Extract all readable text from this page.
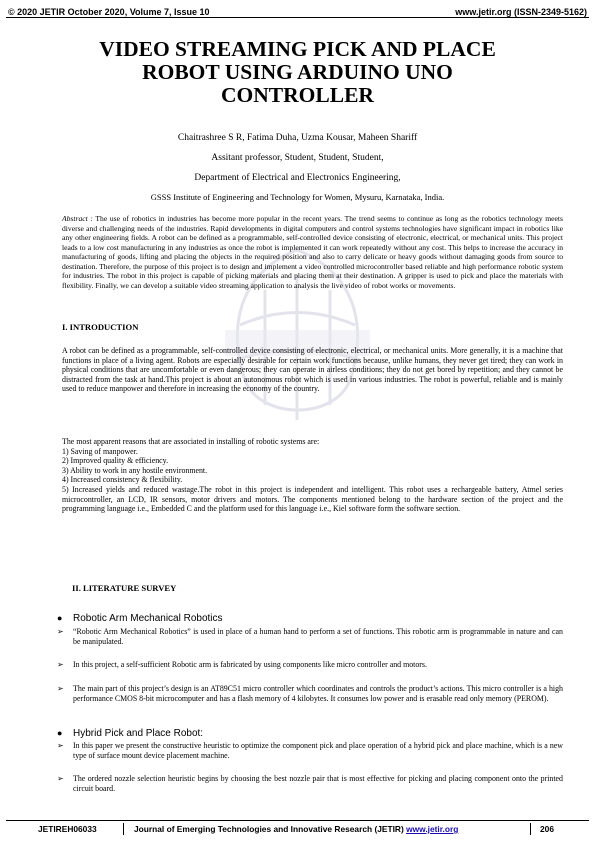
© 2020 JETIR October 2020, Volume 7, Issue 10	www.jetir.org (ISSN-2349-5162)
VIDEO STREAMING PICK AND PLACE
ROBOT USING ARDUINO UNO
CONTROLLER
Chaitrashree S R, Fatima Duha, Uzma Kousar, Maheen Shariff
Assitant professor, Student, Student, Student,
Department of Electrical and Electronics Engineering,
GSSS Institute of Engineering and Technology for Women, Mysuru, Karnataka, India.
Abstract : The use of robotics in industries has become more popular in the recent years. The trend seems to continue as long as the robotics technology meets diverse and challenging needs of the industries. Rapid developments in digital computers and control systems technologies have significant impact in robotics like any other engineering fields. A robot can be defined as a programmable, self-controlled device consisting of electronic, electrical, or mechanical units. This project leads to a low cost manufacturing in any industries as once the robot is implemented it can work repeatedly without any cost. This helps to increase the accuracy in manufacturing of goods, lifting and placing the objects in the required position and also to carry delicate or heavy goods without damaging goods from source to destination. Therefore, the purpose of this project is to design and implement a video controlled microcontroller based reliable and high performance robotic system for industries. The robot in this project is capable of picking materials and placing them at their destination. A gripper is used to pick and place the materials with flexibility. Finally, we can develop a suitable video streaming application to analysis the live video of robot works or movements.
I. INTRODUCTION
A robot can be defined as a programmable, self-controlled device consisting of electronic, electrical, or mechanical units. More generally, it is a machine that functions in place of a living agent. Robots are especially desirable for certain work functions because, unlike humans, they never get tired; they can work in physical conditions that are uncomfortable or even dangerous; they can operate in airless conditions; they do not get bored by repetition; and they cannot be distracted from the task at hand.This project is about an autonomous robot which is used in various industries. The robot is powerful, reliable and is mainly used to reduce manpower and therefore in increasing the economy of the country.
The most apparent reasons that are associated in installing of robotic systems are:
1) Saving of manpower.
2) Improved quality & efficiency.
3) Ability to work in any hostile environment.
4) Increased consistency & flexibility.
5) Increased yields and reduced wastage.The robot in this project is independent and intelligent. This robot uses a rechargeable battery, Atmel series microcontroller, an LCD, IR sensors, motor drivers and motors. The components mentioned belong to the hardware section of the project and the programming language i.e., Embedded C and the platform used for this language i.e., Kiel software form the software section.
II. LITERATURE SURVEY
● Robotic Arm Mechanical Robotics
➢	“Robotic Arm Mechanical Robotics” is used in place of a human hand to perform a set of functions. This robotic arm is programmable in nature and can be manipulated.
➢	In this project, a self-sufficient Robotic arm is fabricated by using components like micro controller and motors.
➢	The main part of this project’s design is an AT89C51 micro controller which coordinates and controls the product’s actions. This micro controller is a high performance CMOS 8-bit microcomputer and has a flash memory of 4 kilobytes. It consumes low power and is erasable read only memory (PEROM).
● Hybrid Pick and Place Robot:
➢	In this paper we present the constructive heuristic to optimize the component pick and place operation of a hybrid pick and place machine, which is a new type of surface mount device placement machine.
➢	The ordered nozzle selection heuristic begins by choosing the best nozzle pair that is most effective for picking and placing component onto the printed circuit board.
JETIREH06033	Journal of Emerging Technologies and Innovative Research (JETIR) www.jetir.org	206
